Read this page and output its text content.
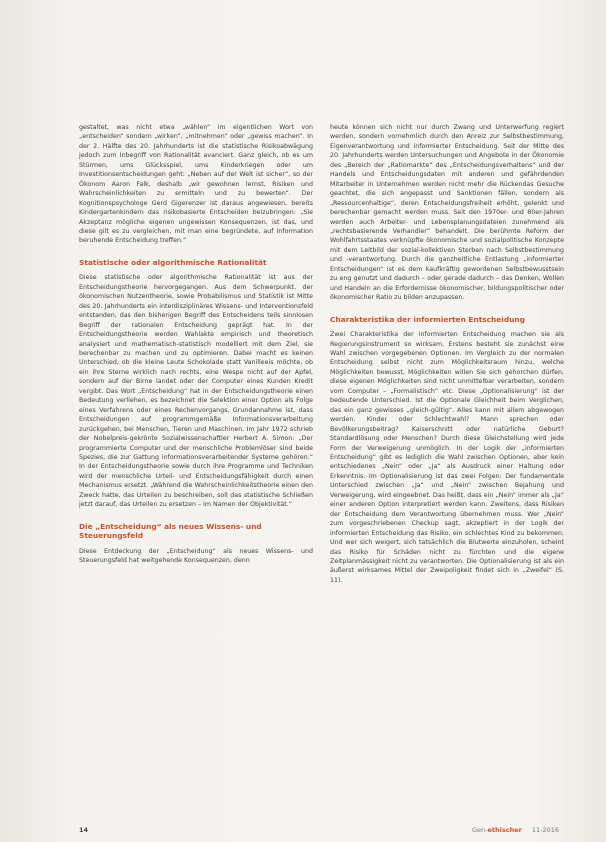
gestaltet, was nicht etwa „wählen“ im eigentlichen Wort von „entscheiden“ sondern „wirken“, „mitnehmen“ oder „gewiss machen“. In der 2. Hälfte des 20. Jahrhunderts ist die statistische Risikoabwägung jedoch zum Inbegriff von Rationalität avanciert. Ganz gleich, ob es um Stürmen, ums Glücksspiel, ums Kinderkriegen oder um Investitionsentscheidungen geht: „Neben auf der Welt ist sicher“, so der Ökonom Aaron Falk, deshalb „wir gewohnen lernst, Risiken und Wahrscheinlichkeiten zu ermitteln und zu bewerten“. Der Kognitionspsychologe Gerd Gigerenzer ist daraus angewiesen, bereits Kindergartenkindern das risikobasierte Entscheiden beizubringen: „Sie Akzeptanz mögliche eigenen ungewissen Konsequenzen, ist das, und diese gilt es zu vergleichen, mit man eine begründete, auf Information beruhende Entscheidung treffen.“

Statistische oder algorithmische Rationalität

Diese statistische oder algorithmische Rationalität ist aus der Entscheidungstheorie hervorgegangen. Aus dem Schwerpunkt, der ökonomischen Nutzentheorie, sowie Probabilismus und Statistik ist Mitte des 20. Jahrhunderts ein interdisziplinäres Wissens- und Interventionsfeld entstanden, das den bisherigen Begriff des Entscheidens teils sinnlosen Begriff der rationalen Entscheidung geprägt hat. In der Entscheidungstheorie werden Wahlakte empirisch und theoretisch analysiert und mathematisch-statistisch modelliert mit dem Ziel, sie berechenbar zu machen und zu optimieren. Dabei macht es keinen Unterschied, ob die kleine Leute Schokolade statt Vanilleeis möchte, ob ein ihre Sterne wirklich nach rechts, eine Wespe nicht auf der Apfel, sondern auf der Birne landet oder der Computer eines Kunden Kredit vergibt. Das Wort „Entscheidung“ hat in der Entscheidungstheorie einen Bedeutung verliehen, es bezeichnet die Selektion einer Option als Folge eines Verfahrens oder eines Rechenvorgangs. Grundannahme ist, dass Entscheidungen auf programmgemäße Informationsverarbeitung zurückgehen, bei Menschen, Tieren und Maschinen. Im Jahr 1972 schrieb der Nobelpreis-gekrönte Sozialwissenschaftler Herbert A. Simon: „Der programmierte Computer und der menschliche Problemlöser sind beide Spezies, die zur Gattung informationsverarbeitender Systeme gehören.“ In der Entscheidungstheorie sowie durch ihre Programme und Techniken wird der menschliche Urteil- und Entscheidungsfähigkeit durch einen Mechanismus ersetzt. „Während die Wahrscheinlichkeitstheorie einen den Zweck hatte, das Urteilen zu beschreiben, soll das statistische Schließen jetzt darauf, das Urteilen zu ersetzen – im Namen der Objektivität.“

Die „Entscheidung“ als neues Wissens- und Steuerungsfeld

Diese Entdeckung der „Entscheidung“ als neues Wissens- und Steuerungsfeld hat weitgehende Konsequenzen, denn

heute können sich nicht nur durch Zwang und Unterwerfung regiert werden, sondern vornehmlich durch den Anreiz zur Selbstbestimmung, Eigenverantwortung und informierter Entscheidung. Seit der Mitte des 20. Jahrhunderts werden Untersuchungen und Angebote in der Ökonomie des „Bereich der „Ratiomarkte“ des „Entscheidungsverhaltens“ und der Handels und Entscheidungsdaten mit anderen und gefährdenden Mitarbeiter in Unternehmen werden nicht mehr die Rückendas Gesuche geachtet, die sich angepasst und Sanktionen fällen, sondern als „Ressourcenhaltige“, deren Entscheidungsfreiheit erhöht, gelenkt und berechenbar gemacht werden muss. Seit den 1970er- und 80er-Jahren werden auch Arbeiter- und Lebensplanungsdateien zunehmend als „rechtsbasierende Verhandler“ behandelt. Die berühmte Reform der Wohlfahrtsstaates verknüpfte ökonomische und sozialpolitische Konzepte mit dem Leitbild der sozial-kollektiven Sterben nach Selbstbestimmung und -verantwortung. Durch die ganzheitliche Entlastung „informierter Entscheidungen“ ist es dem kaufkräftig gewordenen Selbstbewusstsein zu eng genutzt und dadurch – oder gerade dadurch – das Denken, Wollen und Handeln an die Erfordernisse ökonomischer, bildungspolitischer oder ökonomischer Ratio zu bilden anzupassen.

Charakteristika der informierten Entscheidung

Zwei Charakteristika der informierten Entscheidung machen sie als Regierungsinstrument so wirksam. Erstens besteht sie zunächst eine Wahl zwischen vorgegebenen Optionen. Im Vergleich zu der normalen Entscheidung selbst nicht zum Möglichkeitsraum hinzu, welche Möglichkeiten bewusst, Möglichkeiten willen Sie sich gehorchen dürfen, diese eigenen Möglichkeiten sind nicht unmittelbar verarbeiten, sondern vom Computer – „Formalistisch“ etc. Diese „Optionalisierung“ ist der bedeutende Unterschied. Ist die Optionale Gleichheit beim Verglichen, das ein ganz gewisses „gleich-gültig“. Alles kann mit allem abgewogen werden. Kinder oder Schlechtwahl? Mann sprechen oder Bevölkerungsbeitrag? Kaiserschnitt oder natürliche Geburt? Standardlösung oder Menschen? Durch diese Gleichstellung wird jede Form der Verweigerung unmöglich. In der Logik der „informierten Entscheidung“ gibt es lediglich die Wahl zwischen Optionen, aber kein entschiedenes „Nein“ oder „Ja“ als Ausdruck einer Haltung oder Erkenntnis. Im Optionalisierung ist das zwei Folgen: Der fundamentale Unterschied zwischen „Ja“ und „Nein“ zwischen Bejahung und Verweigerung, wird eingeebnet. Das heißt, dass ein „Nein“ immer als „Ja“ einer anderen Option interpretiert werden kann. Zweitens, dass Risiken der Entscheidung dem Verantwortung übernehmen muss. Wer „Nein“ zum vorgeschriebenen Checkup sagt, akzeptiert in der Logik der informierten Entscheidung das Risiko, ein schlechtes Kind zu bekommen. Und wer sich weigert, sich tatsächlich die Blutwerte einzuholen, scheint das Risiko für Schäden nicht zu fürchten und die eigene Zeitplanmässigkeit nicht zu verantworten. Die Optionalisierung ist als ein äußerst wirksames Mittel der Zweipoligkeit findet sich in „Zweifel“ (S. 11).

14	Gen-ethischer 11-2016
